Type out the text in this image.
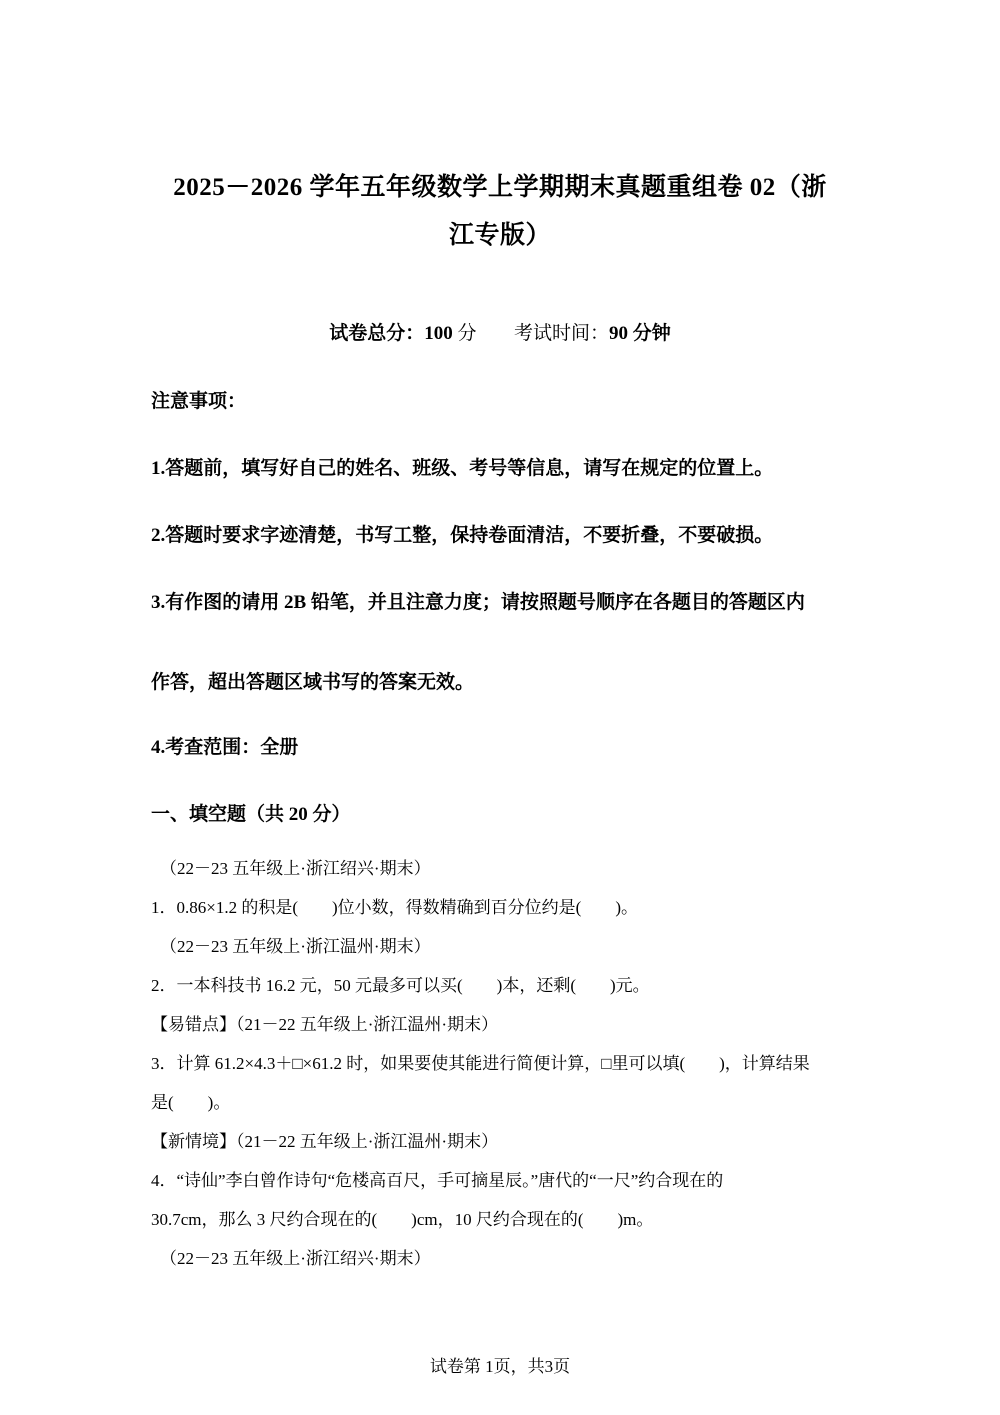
2025－2026 学年五年级数学上学期期末真题重组卷 02（浙
江专版）
试卷总分：100 分 考试时间：90 分钟
注意事项：
1.答题前，填写好自己的姓名、班级、考号等信息，请写在规定的位置上。
2.答题时要求字迹清楚，书写工整，保持卷面清洁，不要折叠，不要破损。
3.有作图的请用 2B 铅笔，并且注意力度；请按照题号顺序在各题目的答题区内
作答，超出答题区域书写的答案无效。
4.考查范围：全册
一、填空题（共 20 分）
（22－23 五年级上·浙江绍兴·期末）
1．0.86×1.2 的积是(　　)位小数，得数精确到百分位约是(　　)。
（22－23 五年级上·浙江温州·期末）
2．一本科技书 16.2 元，50 元最多可以买(　　)本，还剩(　　)元。
【易错点】（21－22 五年级上·浙江温州·期末）
3．计算 61.2×4.3＋□×61.2 时，如果要使其能进行简便计算，□里可以填(　　)，计算结果
是(　　)。
【新情境】（21－22 五年级上·浙江温州·期末）
4．“诗仙”李白曾作诗句“危楼高百尺，手可摘星辰。”唐代的“一尺”约合现在的
30.7cm，那么 3 尺约合现在的(　　)cm，10 尺约合现在的(　　)m。
（22－23 五年级上·浙江绍兴·期末）
试卷第 1页，共3页
